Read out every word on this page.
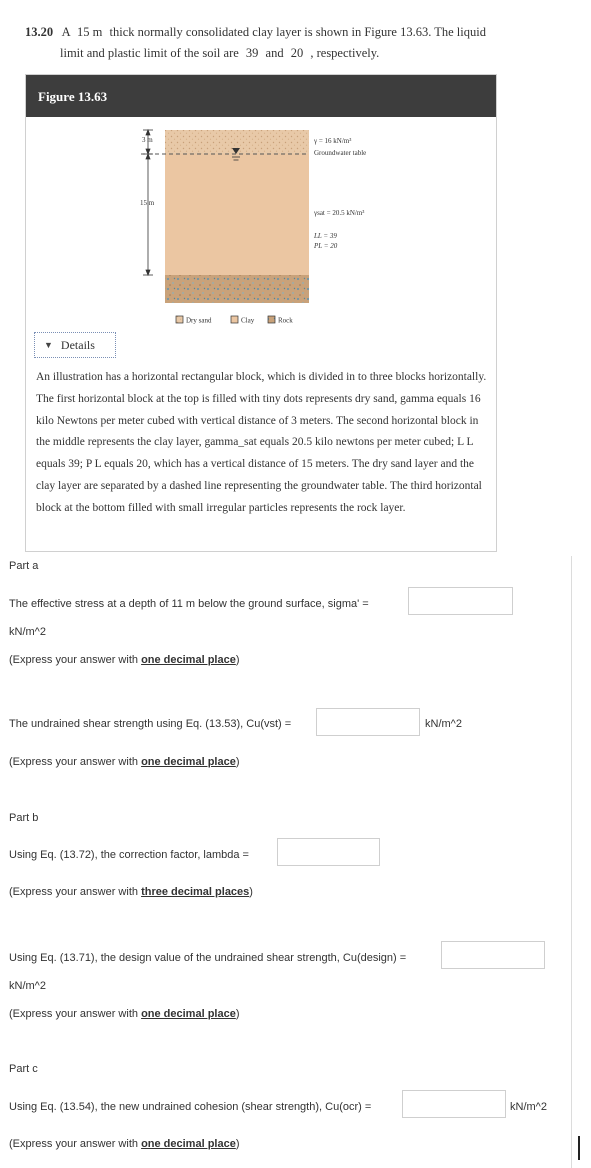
13.20 A 15 m thick normally consolidated clay layer is shown in Figure 13.63. The liquid
limit and plastic limit of the soil are 39 and 20 , respectively.
Figure 13.63
3 m
15 m
γ = 16 kN/m³
Groundwater table
γsat = 20.5 kN/m³
LL = 39
PL = 20
Dry sand	Clay	Rock
▼ Details
An illustration has a horizontal rectangular block, which is divided in to three blocks horizontally. The first horizontal block at the top is filled with tiny dots represents dry sand, gamma equals 16 kilo Newtons per meter cubed with vertical distance of 3 meters. The second horizontal block in the middle represents the clay layer, gamma_sat equals 20.5 kilo newtons per meter cubed; L L equals 39; P L equals 20, which has a vertical distance of 15 meters. The dry sand layer and the clay layer are separated by a dashed line representing the groundwater table. The third horizontal block at the bottom filled with small irregular particles represents the rock layer.
Part a
The effective stress at a depth of 11 m below the ground surface, sigma' =
kN/m^2
(Express your answer with one decimal place)
The undrained shear strength using Eq. (13.53), Cu(vst) =	kN/m^2
(Express your answer with one decimal place)
Part b
Using Eq. (13.72), the correction factor, lambda =
(Express your answer with three decimal places)
Using Eq. (13.71), the design value of the undrained shear strength, Cu(design) =
kN/m^2
(Express your answer with one decimal place)
Part c
Using Eq. (13.54), the new undrained cohesion (shear strength), Cu(ocr) =	kN/m^2
(Express your answer with one decimal place)
